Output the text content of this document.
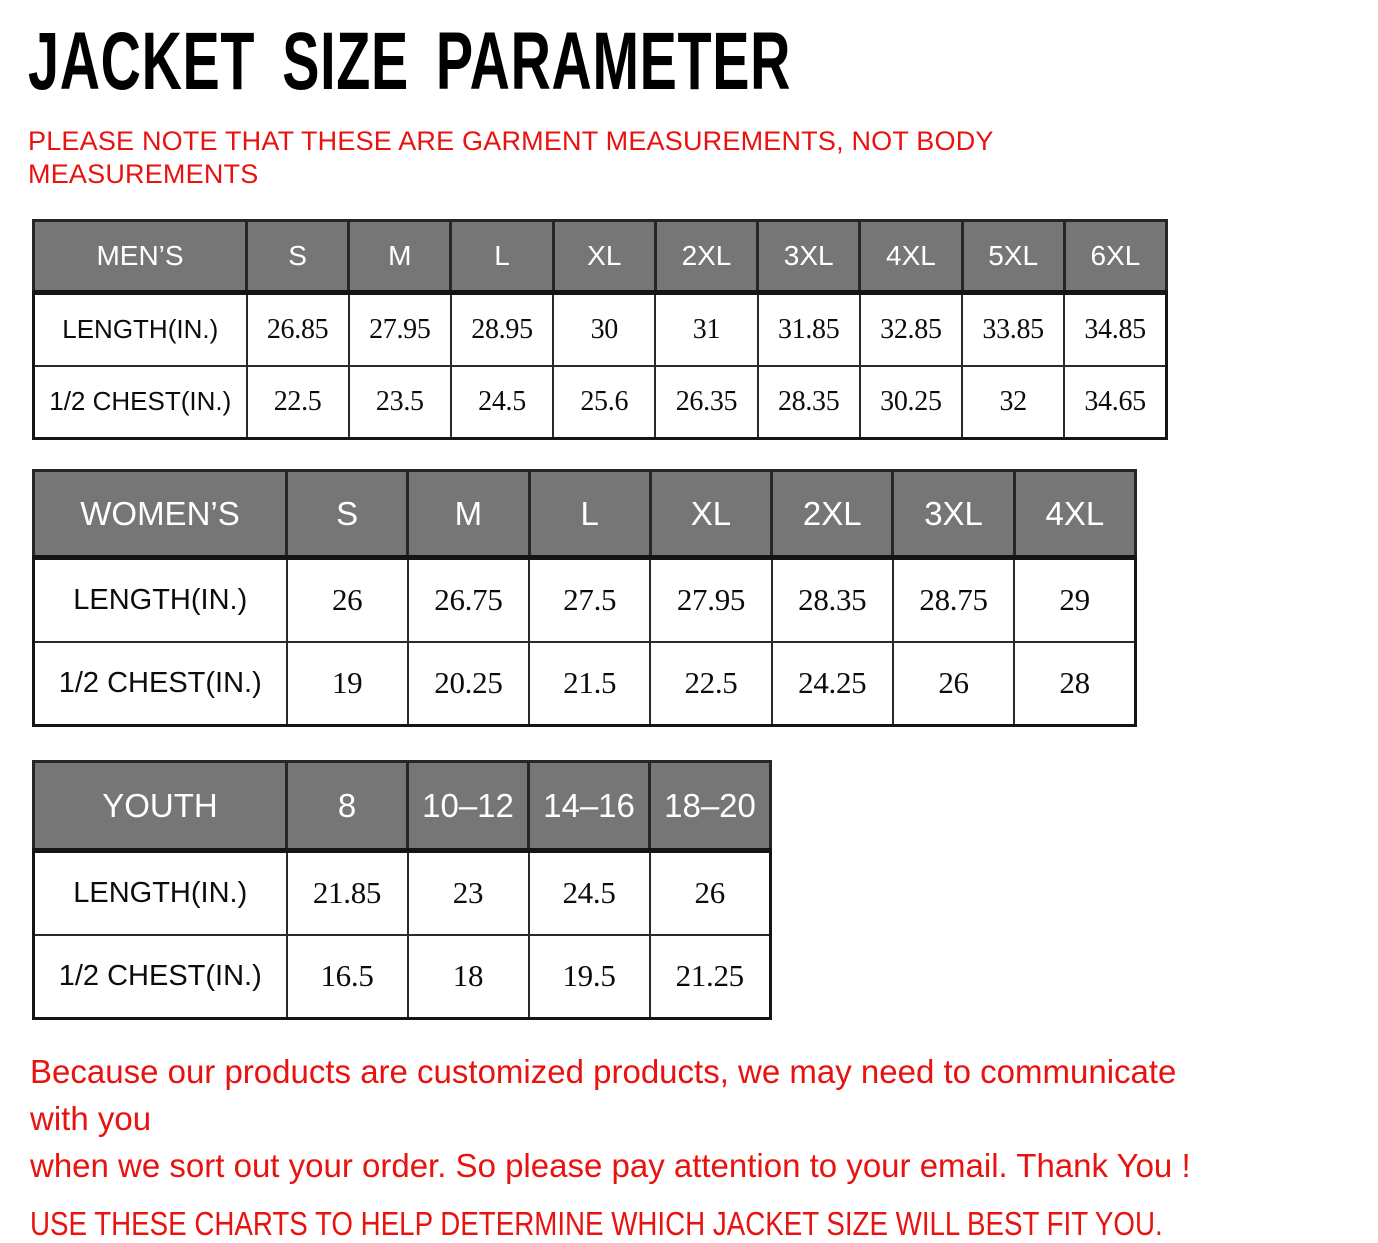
JACKET SIZE PARAMETER

PLEASE NOTE THAT THESE ARE GARMENT MEASUREMENTS, NOT BODY
MEASUREMENTS

MEN’S	S	M	L	XL	2XL	3XL	4XL	5XL	6XL
LENGTH(IN.)	26.85	27.95	28.95	30	31	31.85	32.85	33.85	34.85
1/2 CHEST(IN.)	22.5	23.5	24.5	25.6	26.35	28.35	30.25	32	34.65
WOMEN’S	S	M	L	XL	2XL	3XL	4XL
LENGTH(IN.)	26	26.75	27.5	27.95	28.35	28.75	29
1/2 CHEST(IN.)	19	20.25	21.5	22.5	24.25	26	28
YOUTH	8	10–12	14–16	18–20
LENGTH(IN.)	21.85	23	24.5	26
1/2 CHEST(IN.)	16.5	18	19.5	21.25

Because our products are customized products, we may need to communicate with you
when we sort out your order. So please pay attention to your email. Thank You !

USE THESE CHARTS TO HELP DETERMINE WHICH JACKET SIZE WILL BEST FIT YOU.
